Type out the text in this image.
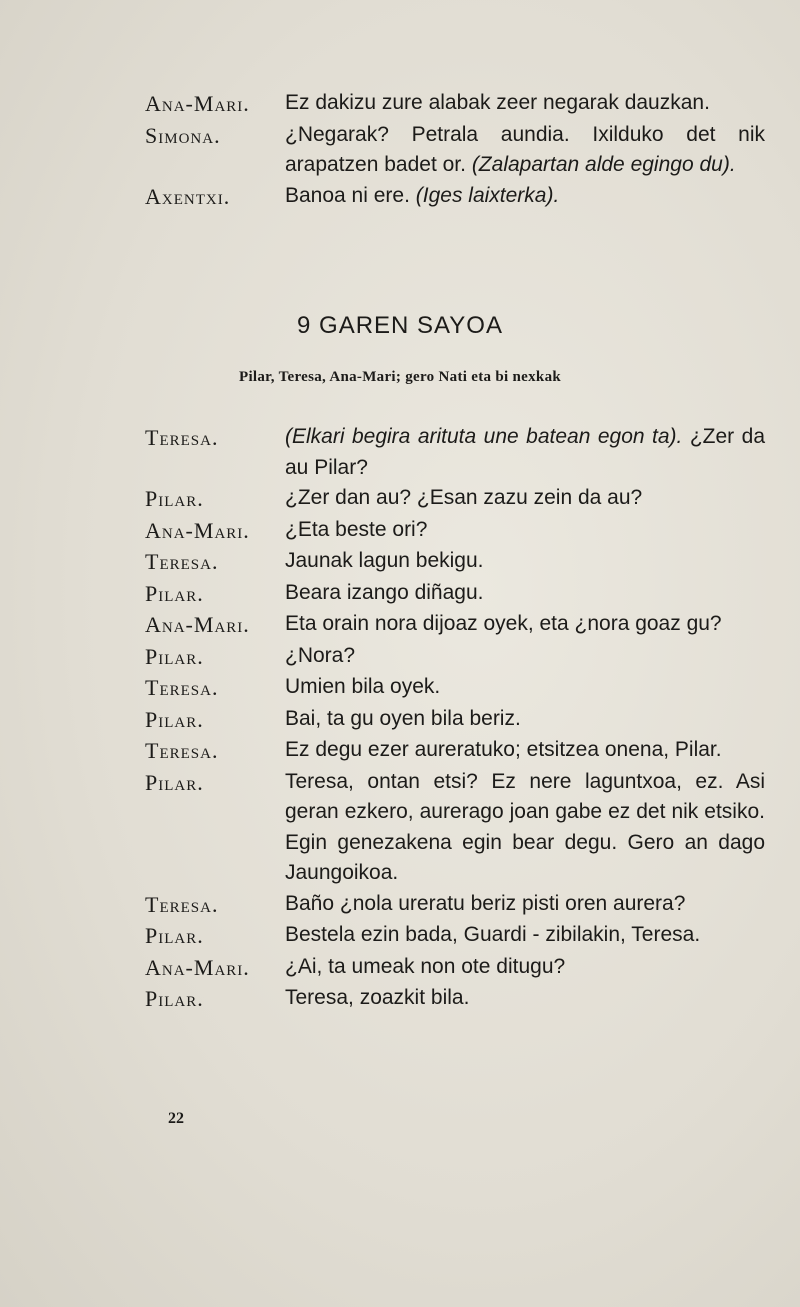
Ana-Mari.	Ez dakizu zure alabak zeer negarak dauzkan.
Simona.	¿Negarak? Petrala aundia. Ixilduko det nik arapatzen badet or. (Zalapartan alde egingo du).
Axentxi.	Banoa ni ere. (Iges laixterka).
9 GAREN SAYOA
Pilar, Teresa, Ana-Mari; gero Nati eta bi nexkak
Teresa.	(Elkari begira arituta une batean egon ta). ¿Zer da au Pilar?
Pilar.	¿Zer dan au? ¿Esan zazu zein da au?
Ana-Mari.	¿Eta beste ori?
Teresa.	Jaunak lagun bekigu.
Pilar.	Beara izango diñagu.
Ana-Mari.	Eta orain nora dijoaz oyek, eta ¿nora goaz gu?
Pilar.	¿Nora?
Teresa.	Umien bila oyek.
Pilar.	Bai, ta gu oyen bila beriz.
Teresa.	Ez degu ezer aureratuko; etsitzea onena, Pilar.
Pilar.	Teresa, ontan etsi? Ez nere laguntxoa, ez. Asi geran ezkero, aurerago joan gabe ez det nik etsiko. Egin genezakena egin bear degu. Gero an dago Jaungoikoa.
Teresa.	Baño ¿nola ureratu beriz pisti oren aurera?
Pilar.	Bestela ezin bada, Guardi - zibilakin, Teresa.
Ana-Mari.	¿Ai, ta umeak non ote ditugu?
Pilar.	Teresa, zoazkit bila.
22
